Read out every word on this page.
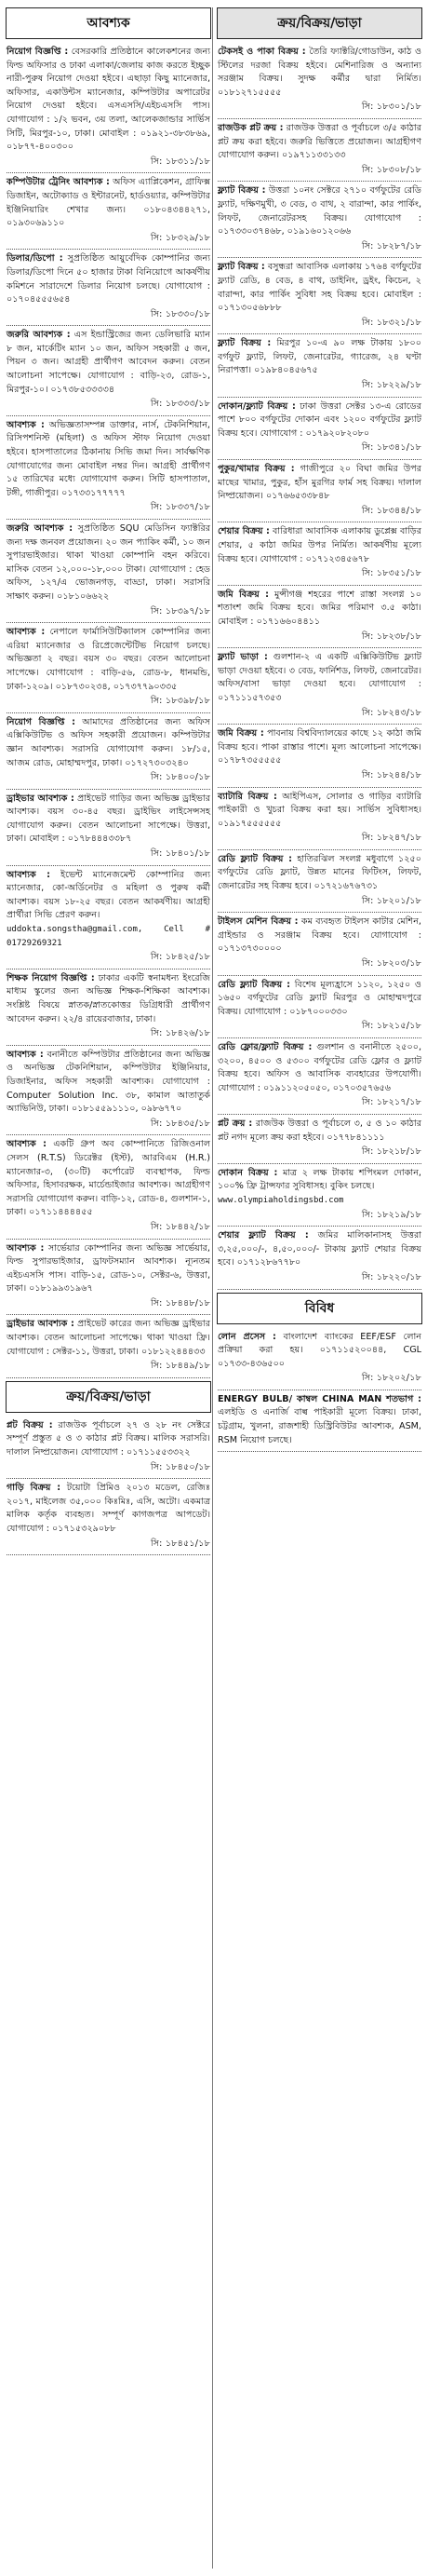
আবশ্যক
নিয়োগ বিজ্ঞপ্তি : বেসরকারি প্রতিষ্ঠানে কালেকশনের জন্য ফিল্ড অফিসার ও ঢাকা এলাকা/জেলায় কাজ করতে ইচ্ছুক নারী-পুরুষ নিয়োগ দেওয়া হইবে। এছাড়া কিছু ম্যানেজার, অফিসার, একাউন্টস ম্যানেজার, কম্পিউটার অপারেটর নিয়োগ দেওয়া হইবে। এসএসসি/এইচএসসি পাস। যোগাযোগ : ১/২ ভবন, ৩য় তলা, আলেকজান্ডার সার্ভিস সিটি, মিরপুর-১০, ঢাকা। মোবাইল : ০১৯২১-৩৮৩৮৬৯, ০১৮৭৭-৪০০৩০০
সি: ১৮৩১১/১৮
কম্পিউটার ট্রেনিং আবশ্যক : অফিস এ্যাপ্লিকেশন, গ্রাফিক্স ডিজাইন, অটোক্যাড ও ইন্টারনেট, হার্ডওয়্যার, কম্পিউটার ইঞ্জিনিয়ারিং শেখার জন্য। ০১৮০৪৩৪৪২৭১, ০১৯৩০৬৯১১০
সি: ১৮৩২৯/১৮
ডিলার/ডিপো : সুপ্রতিষ্ঠিত আয়ুর্বেদিক কোম্পানির জন্য ডিলার/ডিপো দিনে ৫০ হাজার টাকা বিনিয়োগে আকর্ষণীয় কমিশনে সারাদেশে ডিলার নিয়োগ চলছে। যোগাযোগ : ০১৭০৪৫৫৫৬৫৪
সি: ১৮৩৩০/১৮
জরুরি আবশ্যক : এস ইন্ডাস্ট্রিজের জন্য ডেলিভারি ম্যান ৮ জন, মার্কেটিং ম্যান ১০ জন, অফিস সহকারী ৫ জন, পিয়ন ৩ জন। আগ্রহী প্রার্থীগণ আবেদন করুন। বেতন আলোচনা সাপেক্ষে। যোগাযোগ : বাড়ি-২৩, রোড-১, মিরপুর-১০। ০১৭৩৮৫৩৩৩৩৪
সি: ১৮৩৩৩/১৮
আবশ্যক : অভিজ্ঞতাসম্পন্ন ডাক্তার, নার্স, টেকনিশিয়ান, রিসিপশনিস্ট (মহিলা) ও অফিস স্টাফ নিয়োগ দেওয়া হইবে। হাসপাতালের ঠিকানায় সিভি জমা দিন। সার্বক্ষণিক যোগাযোগের জন্য মোবাইল নম্বর দিন। আগ্রহী প্রার্থীগণ ১৫ তারিখের মধ্যে যোগাযোগ করুন। সিটি হাসপাতাল, টঙ্গী, গাজীপুর। ০১৭৩৩১৭৭৭৭৭
সি: ১৮৩৩৭/১৮
জরুরি আবশ্যক : সুপ্রতিষ্ঠিত SQU মেডিসিন ফ্যাক্টরির জন্য দক্ষ জনবল প্রয়োজন। ২০ জন প্যাকিং কর্মী, ১০ জন সুপারভাইজার। থাকা খাওয়া কোম্পানি বহন করিবে। মাসিক বেতন ১২,০০০-১৮,০০০ টাকা। যোগাযোগ : হেড অফিস, ১২৭/এ ভোজনগড়, বাড্ডা, ঢাকা। সরাসরি সাক্ষাৎ করুন। ০১৮১০৬৬২২
সি: ১৮৩৯৭/১৮
আবশ্যক : নেপালে ফার্মাসিউটিক্যালস কোম্পানির জন্য এরিয়া ম্যানেজার ও রিপ্রেজেন্টেটিভ নিয়োগ চলছে। অভিজ্ঞতা ২ বছর। বয়স ৩০ বছর। বেতন আলোচনা সাপেক্ষে। যোগাযোগ : বাড়ি-৫৬, রোড-৮, ধানমন্ডি, ঢাকা-১২০৯। ০১৮৭৩০২৩৪, ০১৭৩৭৭৯০৩৩৫
সি: ১৮৩৯৮/১৮
নিয়োগ বিজ্ঞপ্তি : আমাদের প্রতিষ্ঠানের জন্য অফিস এক্সিকিউটিভ ও অফিস সহকারী প্রয়োজন। কম্পিউটার জ্ঞান আবশ্যক। সরাসরি যোগাযোগ করুন। ১৮/১৫, আজম রোড, মোহাম্মদপুর, ঢাকা। ০১৭২৭৩০৩২৪০
সি: ১৮৪০০/১৮
ড্রাইভার আবশ্যক : প্রাইভেট গাড়ির জন্য অভিজ্ঞ ড্রাইভার আবশ্যক। বয়স ৩০-৪৫ বছর। ড্রাইভিং লাইসেন্সসহ যোগাযোগ করুন। বেতন আলোচনা সাপেক্ষে। উত্তরা, ঢাকা। মোবাইল : ০১৭৮৪৪৪৩৩৮৭
সি: ১৮৪০১/১৮
আবশ্যক : ইভেন্ট ম্যানেজমেন্ট কোম্পানির জন্য ম্যানেজার, কো-অর্ডিনেটর ও মহিলা ও পুরুষ কর্মী আবশ্যক। বয়স ১৮-২৫ বছর। বেতন আকর্ষণীয়। আগ্রহী প্রার্থীরা সিভি প্রেরণ করুন।
uddokta.songstha@gmail.com, Cell # 01729269321
সি: ১৮৪২৫/১৮
শিক্ষক নিয়োগ বিজ্ঞপ্তি : ঢাকার একটি স্বনামধন্য ইংরেজি মাধ্যম স্কুলের জন্য অভিজ্ঞ শিক্ষক-শিক্ষিকা আবশ্যক। সংশ্লিষ্ট বিষয়ে স্নাতক/স্নাতকোত্তর ডিগ্রিধারী প্রার্থীগণ আবেদন করুন। ২২/৪ রায়েরবাজার, ঢাকা।
সি: ১৮৪২৬/১৮
আবশ্যক : বনানীতে কম্পিউটার প্রতিষ্ঠানের জন্য অভিজ্ঞ ও অনভিজ্ঞ টেকনিশিয়ান, কম্পিউটার ইঞ্জিনিয়ার, ডিজাইনার, অফিস সহকারী আবশ্যক। যোগাযোগ : Computer Solution Inc. ৩৮, কামাল আতাতুর্ক অ্যাভিনিউ, ঢাকা। ০১৮১৫৫৯১১১০, ০৯৮৬৭৭০
সি: ১৮৪৩৫/১৮
আবশ্যক : একটি গ্রুপ অব কোম্পানিতে রিজিওনাল সেলস (R.T.S) ডিরেক্টর (ইস্ট), আরবিএম (H.R.) ম্যানেজার-৩, (৩০টি) কর্পোরেট ব্যবস্থাপক, ফিল্ড অফিসার, হিসাবরক্ষক, মার্চেন্ডাইজার আবশ্যক। আগ্রহীগণ সরাসরি যোগাযোগ করুন। বাড়ি-১২, রোড-৪, গুলশান-১, ঢাকা। ০১৭১১৪৪৪৪৫৫
সি: ১৮৪৪২/১৮
আবশ্যক : সার্ভেয়ার কোম্পানির জন্য অভিজ্ঞ সার্ভেয়ার, ফিল্ড সুপারভাইজার, ড্রাফটসম্যান আবশ্যক। ন্যূনতম এইচএসসি পাস। বাড়ি-১৫, রোড-১০, সেক্টর-৬, উত্তরা, ঢাকা। ০১৮১৯৯৩১৯৬৭
সি: ১৮৪৪৮/১৮
ড্রাইভার আবশ্যক : প্রাইভেট কারের জন্য অভিজ্ঞ ড্রাইভার আবশ্যক। বেতন আলোচনা সাপেক্ষে। থাকা খাওয়া ফ্রি। যোগাযোগ : সেক্টর-১১, উত্তরা, ঢাকা। ০১৮১২২৪৪৪৩৩
সি: ১৮৪৪৯/১৮
ক্রয়/বিক্রয়/ভাড়া
প্লট বিক্রয় : রাজউক পূর্বাচলে ২৭ ও ২৮ নং সেক্টরে সম্পূর্ণ প্রস্তুত ৫ ও ৩ কাঠার প্লট বিক্রয়। মালিক সরাসরি। দালাল নিষ্প্রয়োজন। যোগাযোগ : ০১৭১১৫৫৩৩২২
সি: ১৮৪৫০/১৮
গাড়ি বিক্রয় : টয়োটা প্রিমিও ২০১৩ মডেল, রেজিঃ ২০১৭, মাইলেজ ৩৫,০০০ কিঃমিঃ, এসি, অটো। একমাত্র মালিক কর্তৃক ব্যবহৃত। সম্পূর্ণ কাগজপত্র আপডেট। যোগাযোগ : ০১৭১৫৩২৯০৮৮
সি: ১৮৪৫১/১৮
ক্রয়/বিক্রয়/ভাড়া
টেকসই ও পাকা বিক্রয় : তৈরি ফ্যাক্টরি/গোডাউন, কাঠ ও স্টিলের দরজা বিক্রয় হইবে। মেশিনারিজ ও অন্যান্য সরঞ্জাম বিক্রয়। সুদক্ষ কর্মীর দ্বারা নির্মিত। ০১৮১২৭১৫৫৫৫
সি: ১৮৩০১/১৮
রাজউক প্লট ক্রয় : রাজউক উত্তরা ও পূর্বাচলে ৩/৫ কাঠার প্লট ক্রয় করা হইবে। জরুরি ভিত্তিতে প্রয়োজন। আগ্রহীগণ যোগাযোগ করুন। ০১৯৭১১৩৩১৩৩
সি: ১৮৩০৮/১৮
ফ্ল্যাট বিক্রয় : উত্তরা ১০নং সেক্টরে ২৭১০ বর্গফুটের রেডি ফ্ল্যাট, দক্ষিণমুখী, ৩ বেড, ৩ বাথ, ২ বারান্দা, কার পার্কিং, লিফট, জেনারেটরসহ বিক্রয়। যোগাযোগ : ০১৭৩৩০৩৭৪৬৮, ০১৯১৬০১২০৬৬
সি: ১৮২৮৭/১৮
ফ্ল্যাট বিক্রয় : বসুন্ধরা আবাসিক এলাকায় ১৭৬৪ বর্গফুটের ফ্ল্যাট রেডি, ৪ বেড, ৪ বাথ, ডাইনিং, ড্রইং, কিচেন, ২ বারান্দা, কার পার্কিং সুবিধা সহ বিক্রয় হবে। মোবাইল : ০১৭১৩০৫৬৮৮৮
সি: ১৮৩২১/১৮
ফ্ল্যাট বিক্রয় : মিরপুর ১০-এ ৯০ লক্ষ টাকায় ১৮০০ বর্গফুট ফ্ল্যাট, লিফট, জেনারেটর, গ্যারেজ, ২৪ ঘণ্টা নিরাপত্তা। ০১৯৮৪০৪৫৬৭৫
সি: ১৮২২৯/১৮
দোকান/ফ্ল্যাট বিক্রয় : ঢাকা উত্তরা সেক্টর ১৩-এ রোডের পাশে ৮০০ বর্গফুটের দোকান এবং ১২০০ বর্গফুটের ফ্ল্যাট বিক্রয় হবে। যোগাযোগ : ০১৭৯২০৮২০৮০
সি: ১৮৩৪১/১৮
পুকুর/খামার বিক্রয় : গাজীপুরে ২০ বিঘা জমির উপর মাছের খামার, পুকুর, হাঁস মুরগির ফার্ম সহ বিক্রয়। দালাল নিষ্প্রয়োজন। ০১৭৬৬৫৩৩৮৪৮
সি: ১৮৩৪৪/১৮
শেয়ার বিক্রয় : বারিধারা আবাসিক এলাকায় ডুপ্লেক্স বাড়ির শেয়ার, ৫ কাঠা জমির উপর নির্মিত। আকর্ষণীয় মূল্যে বিক্রয় হবে। যোগাযোগ : ০১৭১২৩৪৫৬৭৮
সি: ১৮৩৫১/১৮
জমি বিক্রয় : মুন্সীগঞ্জ শহরের পাশে রাস্তা সংলগ্ন ১০ শতাংশ জমি বিক্রয় হবে। জমির পরিমাণ ৩.৫ কাঠা। মোবাইল : ০১৭১৬৬০৪৪১১
সি: ১৮২৩৮/১৮
ফ্ল্যাট ভাড়া : গুলশান-২ এ একটি এক্সিকিউটিভ ফ্ল্যাট ভাড়া দেওয়া হইবে। ৩ বেড, ফার্নিশড, লিফট, জেনারেটর। অফিস/বাসা ভাড়া দেওয়া হবে। যোগাযোগ : ০১৭১১১৫৭৩৫৩
সি: ১৮২৪৩/১৮
জমি বিক্রয় : পাবনায় বিশ্ববিদ্যালয়ের কাছে ১২ কাঠা জমি বিক্রয় হবে। পাকা রাস্তার পাশে। মূল্য আলোচনা সাপেক্ষে। ০১৭৮৭৩৫৫৫৫৫
সি: ১৮২৪৪/১৮
ব্যাটারি বিক্রয় : আইপিএস, সোলার ও গাড়ির ব্যাটারি পাইকারী ও খুচরা বিক্রয় করা হয়। সার্ভিস সুবিধাসহ। ০১৯১৭৫৫৫৫৫৫
সি: ১৮২৪৭/১৮
রেডি ফ্ল্যাট বিক্রয় : হাতিরঝিল সংলগ্ন মধুবাগে ১২৫০ বর্গফুটের রেডি ফ্ল্যাট, উন্নত মানের ফিটিংস, লিফট, জেনারেটর সহ বিক্রয় হবে। ০১৭২১৬৭৬৭৩১
সি: ১৮২০১/১৮
টাইলস মেশিন বিক্রয় : কম ব্যবহৃত টাইলস কাটার মেশিন, গ্রাইন্ডার ও সরঞ্জাম বিক্রয় হবে। যোগাযোগ : ০১৭১৩৭৩০০০০
সি: ১৮২০৩/১৮
রেডি ফ্ল্যাট বিক্রয় : বিশেষ মূল্যহ্রাসে ১১২০, ১২৫০ ও ১৬৫০ বর্গফুটের রেডি ফ্ল্যাট মিরপুর ও মোহাম্মদপুরে বিক্রয়। যোগাযোগ : ০১৮৭০০০৩৩০
সি: ১৮২১৫/১৮
রেডি ফ্লোর/ফ্ল্যাট বিক্রয় : গুলশান ও বনানীতে ২৫০০, ৩২০০, ৪৫০০ ও ৫৩০০ বর্গফুটের রেডি ফ্লোর ও ফ্ল্যাট বিক্রয় হবে। অফিস ও আবাসিক ব্যবহারের উপযোগী। যোগাযোগ : ০১৯১১২০৫০৫০, ০১৭০৩৫৭৬৫৬
সি: ১৮২১৭/১৮
প্লট ক্রয় : রাজউক উত্তরা ও পূর্বাচলে ৩, ৫ ও ১০ কাঠার প্লট নগদ মূল্যে ক্রয় করা হইবে। ০১৭৭৮৪১১১১
সি: ১৮২১৮/১৮
দোকান বিক্রয় : মাত্র ২ লক্ষ টাকায় শপিংমল দোকান, ১০০% ফ্রি ট্রান্সফার সুবিধাসহ। বুকিং চলছে।
www.olympiaholdingsbd.com
সি: ১৮২১৯/১৮
শেয়ার ফ্ল্যাট বিক্রয় : জমির মালিকানাসহ উত্তরা ৩,২৫,০০০/-, ৪,৫০,০০০/- টাকায় ফ্ল্যাট শেয়ার বিক্রয় হবে। ০১৭১২৮৬৭৭৮০
সি: ১৮২২০/১৮
বিবিধ
লোন প্রসেস : বাংলাদেশ ব্যাংকের EEF/ESF লোন প্রক্রিয়া করা হয়। ০১৭১১৫২০০৪৪, CGL ০১৭৩৩-৪৩৬৫০০
সি: ১৮২০২/১৮
ENERGY BULB/ কাম্বল CHINA MAN শতভাগ : এলইডি ও এনার্জি বাল্ব পাইকারী মূল্যে বিক্রয়। ঢাকা, চট্টগ্রাম, খুলনা, রাজশাহী ডিস্ট্রিবিউটর আবশ্যক, ASM, RSM নিয়োগ চলছে।
